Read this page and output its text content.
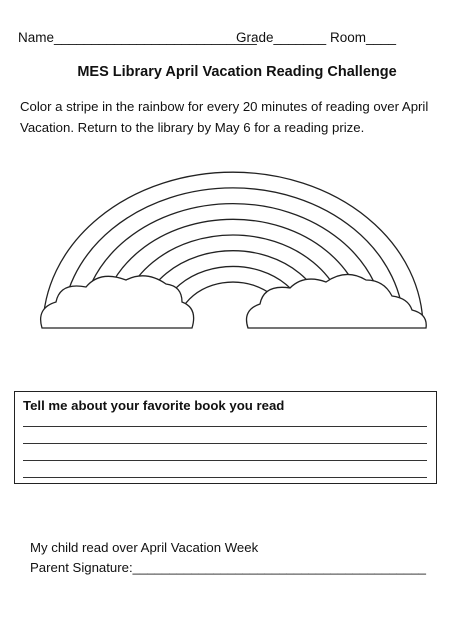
Name___________________________
Grade_______ Room____
MES Library April Vacation Reading Challenge
Color a stripe in the rainbow for every 20 minutes of reading over April Vacation. Return to the library by May 6 for a reading prize.
Tell me about your favorite book you read
My child read over April Vacation Week
Parent Signature:________________________________________
